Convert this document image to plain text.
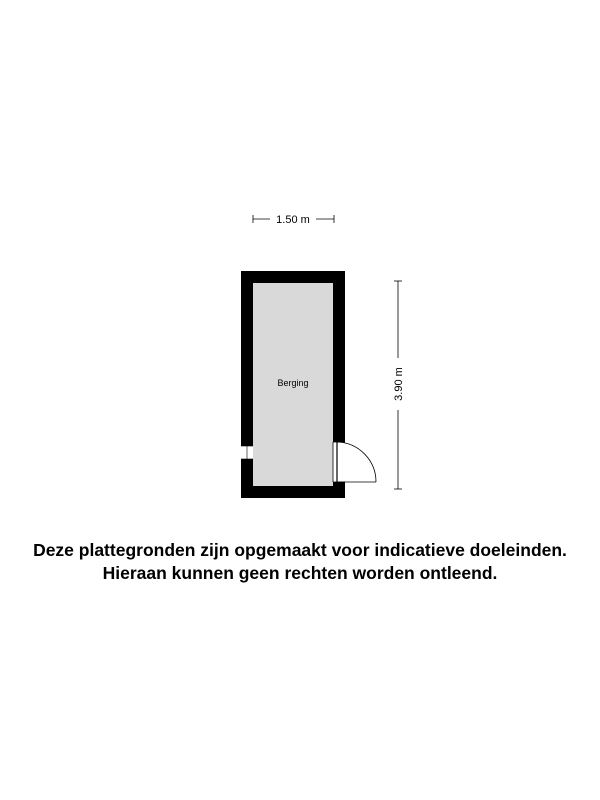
1.50 m
3.90 m
Berging
Deze plattegronden zijn opgemaakt voor indicatieve doeleinden.
Hieraan kunnen geen rechten worden ontleend.
